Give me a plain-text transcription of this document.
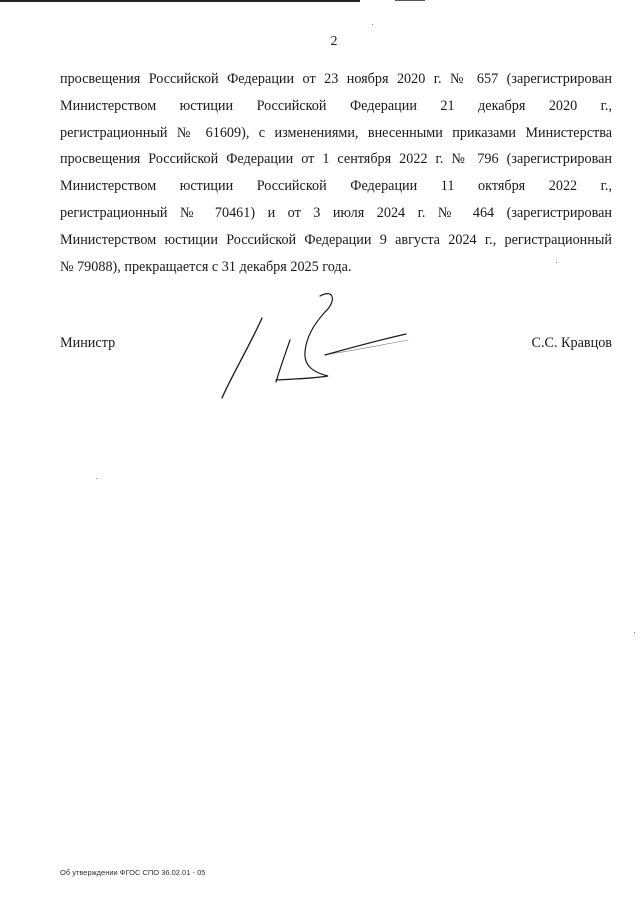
2
просвещения Российской Федерации от 23 ноября 2020 г. № 657 (зарегистрирован
Министерством юстиции Российской Федерации 21 декабря 2020 г.,
регистрационный № 61609), с изменениями, внесенными приказами Министерства
просвещения Российской Федерации от 1 сентября 2022 г. № 796 (зарегистрирован
Министерством юстиции Российской Федерации 11 октября 2022 г.,
регистрационный № 70461) и от 3 июля 2024 г. № 464 (зарегистрирован
Министерством юстиции Российской Федерации 9 августа 2024 г., регистрационный
№ 79088), прекращается с 31 декабря 2025 года.
Министр	С.С. Кравцов
Об утверждении ФГОС СПО 36.02.01 - 05
